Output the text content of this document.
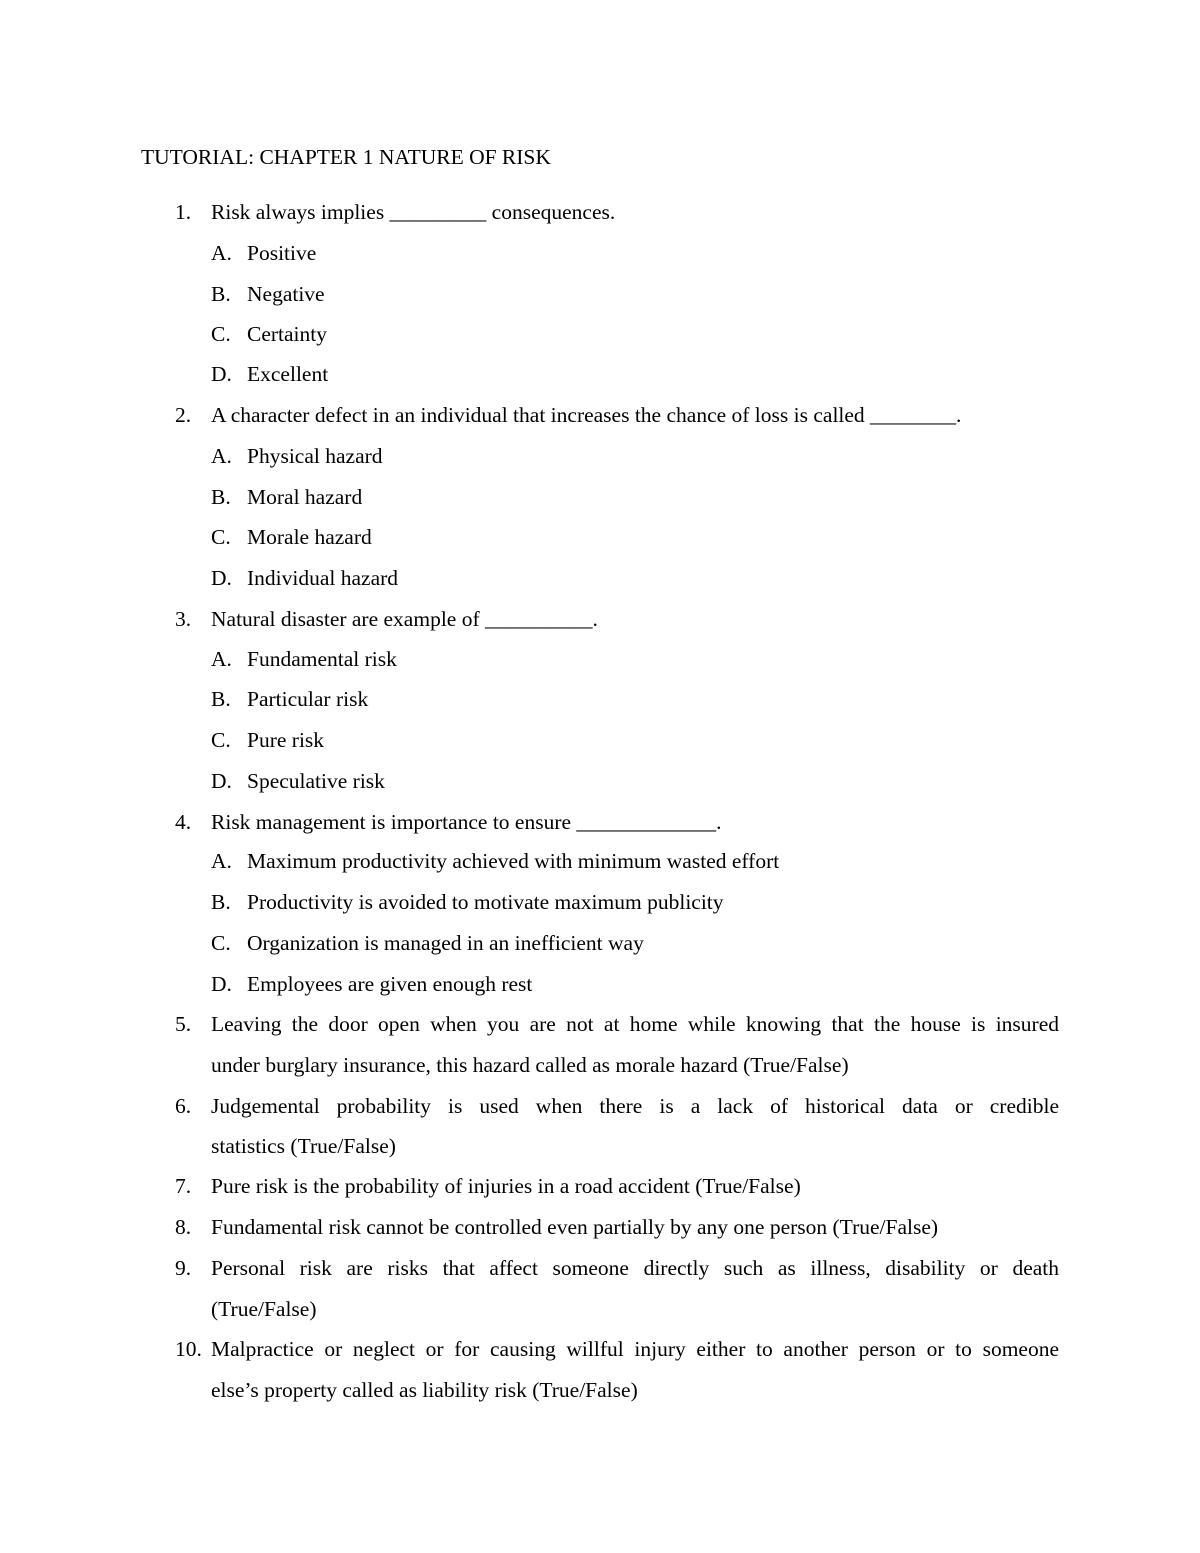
TUTORIAL: CHAPTER 1 NATURE OF RISK
1. Risk always implies _________ consequences.
A. Positive
B. Negative
C. Certainty
D. Excellent
2. A character defect in an individual that increases the chance of loss is called ________.
A. Physical hazard
B. Moral hazard
C. Morale hazard
D. Individual hazard
3. Natural disaster are example of __________.
A. Fundamental risk
B. Particular risk
C. Pure risk
D. Speculative risk
4. Risk management is importance to ensure _____________.
A. Maximum productivity achieved with minimum wasted effort
B. Productivity is avoided to motivate maximum publicity
C. Organization is managed in an inefficient way
D. Employees are given enough rest
5. Leaving the door open when you are not at home while knowing that the house is insured
under burglary insurance, this hazard called as morale hazard (True/False)
6. Judgemental probability is used when there is a lack of historical data or credible
statistics (True/False)
7. Pure risk is the probability of injuries in a road accident (True/False)
8. Fundamental risk cannot be controlled even partially by any one person (True/False)
9. Personal risk are risks that affect someone directly such as illness, disability or death
(True/False)
10. Malpractice or neglect or for causing willful injury either to another person or to someone
else’s property called as liability risk (True/False)
